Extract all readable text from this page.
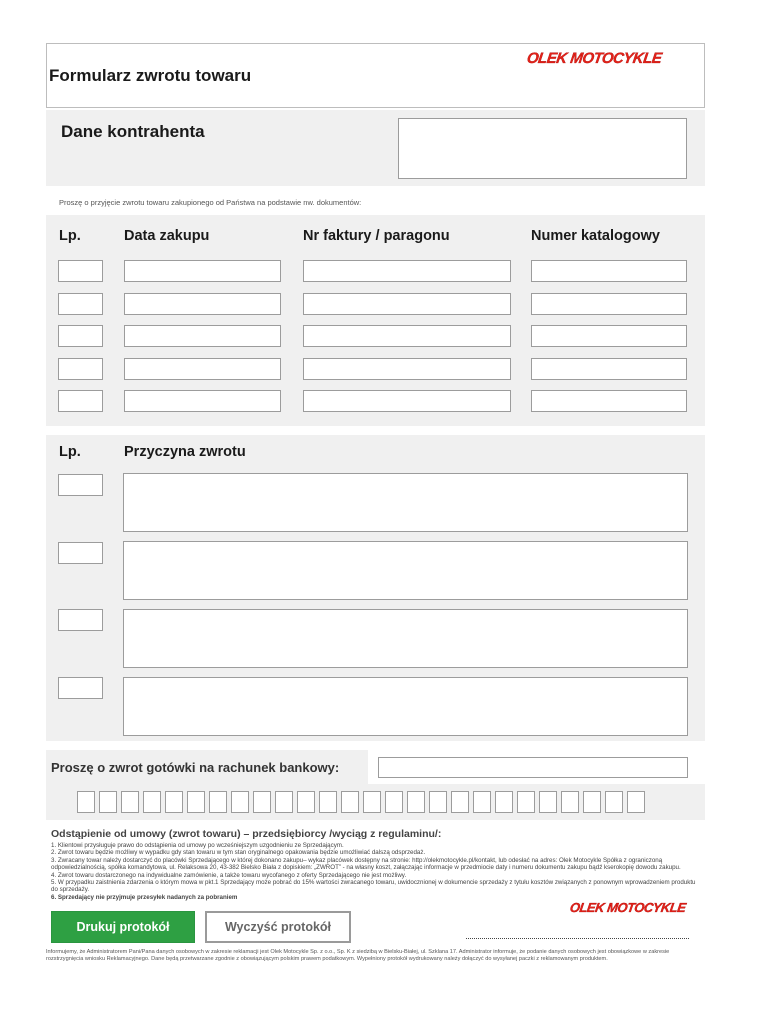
Formularz zwrotu towaru
OLEK MOTOCYKLE
Dane kontrahenta
Proszę o przyjęcie zwrotu towaru zakupionego od Państwa na podstawie nw. dokumentów:
Lp.	Data zakupu	Nr faktury / paragonu	Numer katalogowy
Lp.	Przyczyna zwrotu
Proszę o zwrot gotówki na rachunek bankowy:
Odstąpienie od umowy (zwrot towaru) – przedsiębiorcy /wyciąg z regulaminu/:

1. Klientowi przysługuje prawo do odstąpienia od umowy po wcześniejszym uzgodnieniu ze Sprzedającym.

2. Zwrot towaru będzie możliwy w wypadku gdy stan towaru w tym stan oryginalnego opakowania będzie umożliwiać dalszą odsprzedaż.

3. Zwracany towar należy dostarczyć do placówki Sprzedającego w której dokonano zakupu– wykaz placówek dostępny na stronie: http://olekmotocykle.pl/kontakt, lub odesłać na adres: Olek Motocykle Spółka z ograniczoną odpowiedzialnością, spółka komandytowa, ul. Relaksowa 20, 43-382 Bielsko Biała z dopiskiem: „ZWROT” - na własny koszt, załączając informacje w przedmiocie daty i numeru dokumentu zakupu bądź kserokopię dowodu zakupu.

4. Zwrot towaru dostarczonego na indywidualne zamówienie, a także towaru wycofanego z oferty Sprzedającego nie jest możliwy.

5. W przypadku zaistnienia zdarzenia o którym mowa w pkt.1 Sprzedający może pobrać do 15% wartości zwracanego towaru, uwidocznionej w dokumencie sprzedaży z tytułu kosztów związanych z ponownym wprowadzeniem produktu do sprzedaży.

6. Sprzedający nie przyjmuje przesyłek nadanych za pobraniem

Drukuj protokół	Wyczyść protokół
OLEK MOTOCYKLE
Informujemy, że Administratorem Pani/Pana danych osobowych w zakresie reklamacji jest Olek Motocykle Sp. z o.o., Sp. K z siedzibą w Bielsku-Białej, ul. Szklana 17. Administrator informuje, że podanie danych osobowych jest obowiązkowe w zakresie rozstrzygnięcia wniosku Reklamacyjnego. Dane będą przetwarzane zgodnie z obowiązującym polskim prawem podatkowym. Wypełniony protokół wydrukowany należy dołączyć do wysyłanej paczki z reklamowanym produktem.
